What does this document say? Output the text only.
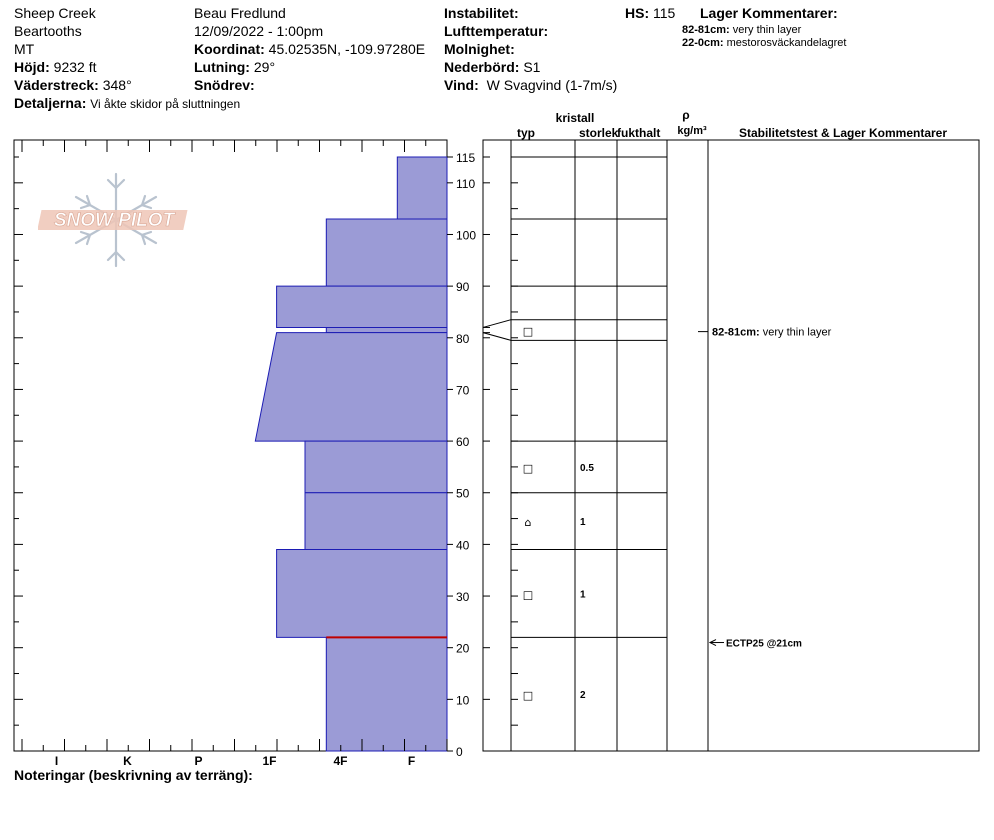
Sheep Creek
Beartooths
MT
Höjd: 9232 ft
Väderstreck: 348°
Detaljerna: Vi åkte skidor på sluttningen
Beau Fredlund
12/09/2022 - 1:00pm
Koordinat: 45.02535N, -109.97280E
Lutning: 29°
Snödrev:
Instabilitet:
Lufttemperatur:
Molnighet:
Nederbörd: S1
Vind: W Svagvind (1-7m/s)
HS: 115 Lager Kommentarer:
82-81cm: very thin layer
22-0cm: mestorosväckandelagret
SNOW PILOT
I	K	P	1F	4F	F
0
10
20
30
40
50
60
70
80
90
100
110
115
kristall
typ	storlek
fukthalt
ρ
kg/m³	Stabilitetstest & Lager Kommentarer
□
□	0.5
⌂	1
□	1
□	2
82-81cm: very thin layer
ECTP25 @21cm
Noteringar (beskrivning av terräng):
